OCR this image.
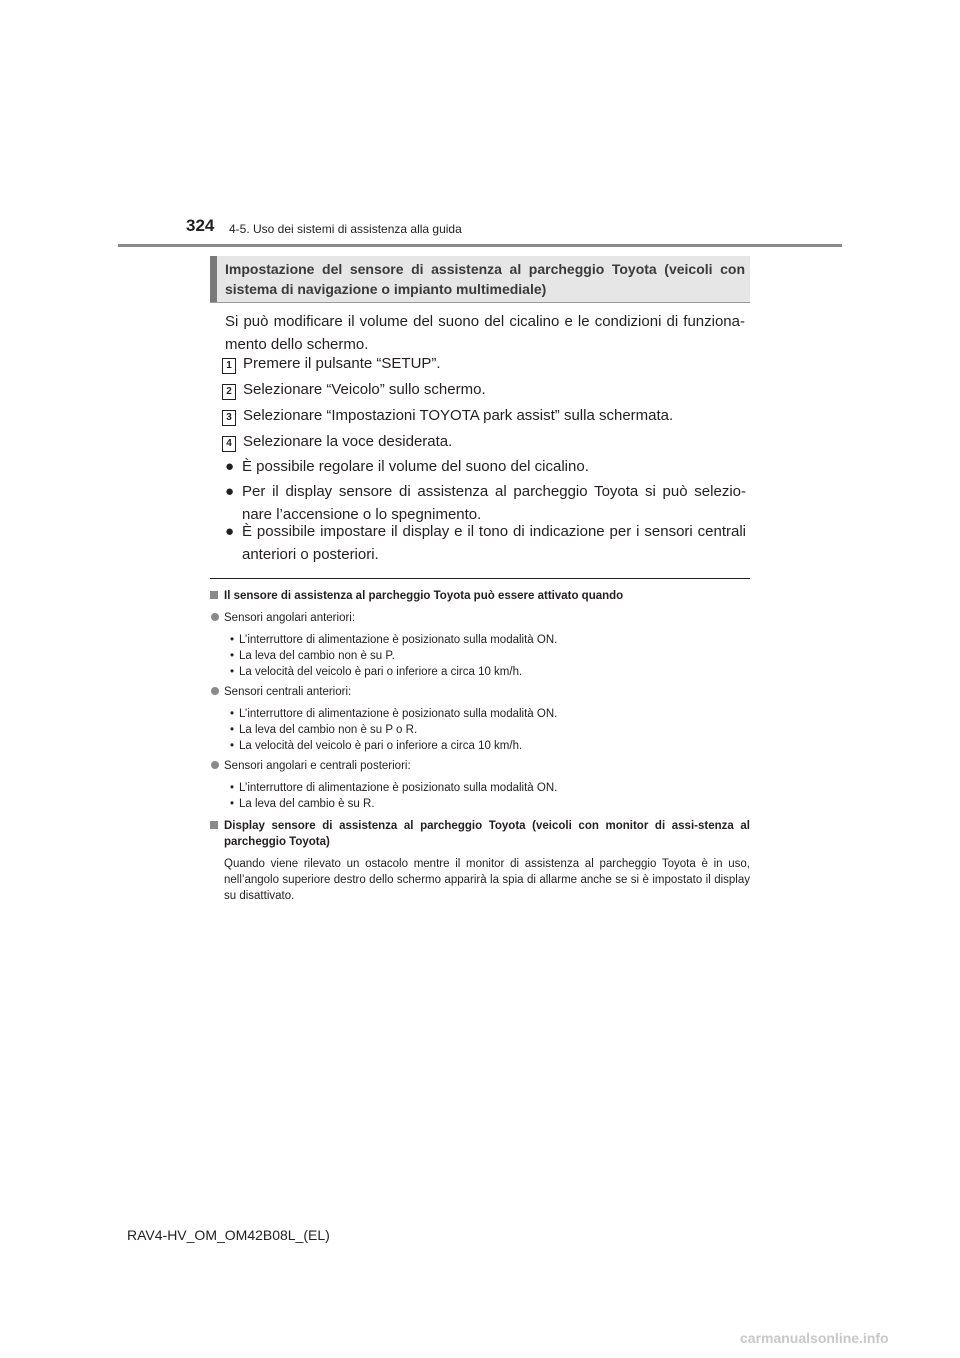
324 4-5. Uso dei sistemi di assistenza alla guida
Impostazione del sensore di assistenza al parcheggio Toyota (veicoli con sistema di navigazione o impianto multimediale)
Si può modificare il volume del suono del cicalino e le condizioni di funziona-mento dello schermo.
1 Premere il pulsante “SETUP”.
2 Selezionare “Veicolo” sullo schermo.
3 Selezionare “Impostazioni TOYOTA park assist” sulla schermata.
4 Selezionare la voce desiderata.
● È possibile regolare il volume del suono del cicalino.
● Per il display sensore di assistenza al parcheggio Toyota si può selezio-nare l’accensione o lo spegnimento.
● È possibile impostare il display e il tono di indicazione per i sensori centrali anteriori o posteriori.
Il sensore di assistenza al parcheggio Toyota può essere attivato quando
Sensori angolari anteriori:
• L’interruttore di alimentazione è posizionato sulla modalità ON.
• La leva del cambio non è su P.
• La velocità del veicolo è pari o inferiore a circa 10 km/h.
Sensori centrali anteriori:
• L’interruttore di alimentazione è posizionato sulla modalità ON.
• La leva del cambio non è su P o R.
• La velocità del veicolo è pari o inferiore a circa 10 km/h.
Sensori angolari e centrali posteriori:
• L’interruttore di alimentazione è posizionato sulla modalità ON.
• La leva del cambio è su R.
Display sensore di assistenza al parcheggio Toyota (veicoli con monitor di assi-stenza al parcheggio Toyota)
Quando viene rilevato un ostacolo mentre il monitor di assistenza al parcheggio Toyota è in uso, nell’angolo superiore destro dello schermo apparirà la spia di allarme anche se si è impostato il display su disattivato.
RAV4-HV_OM_OM42B08L_(EL)
carmanualsonline.info
